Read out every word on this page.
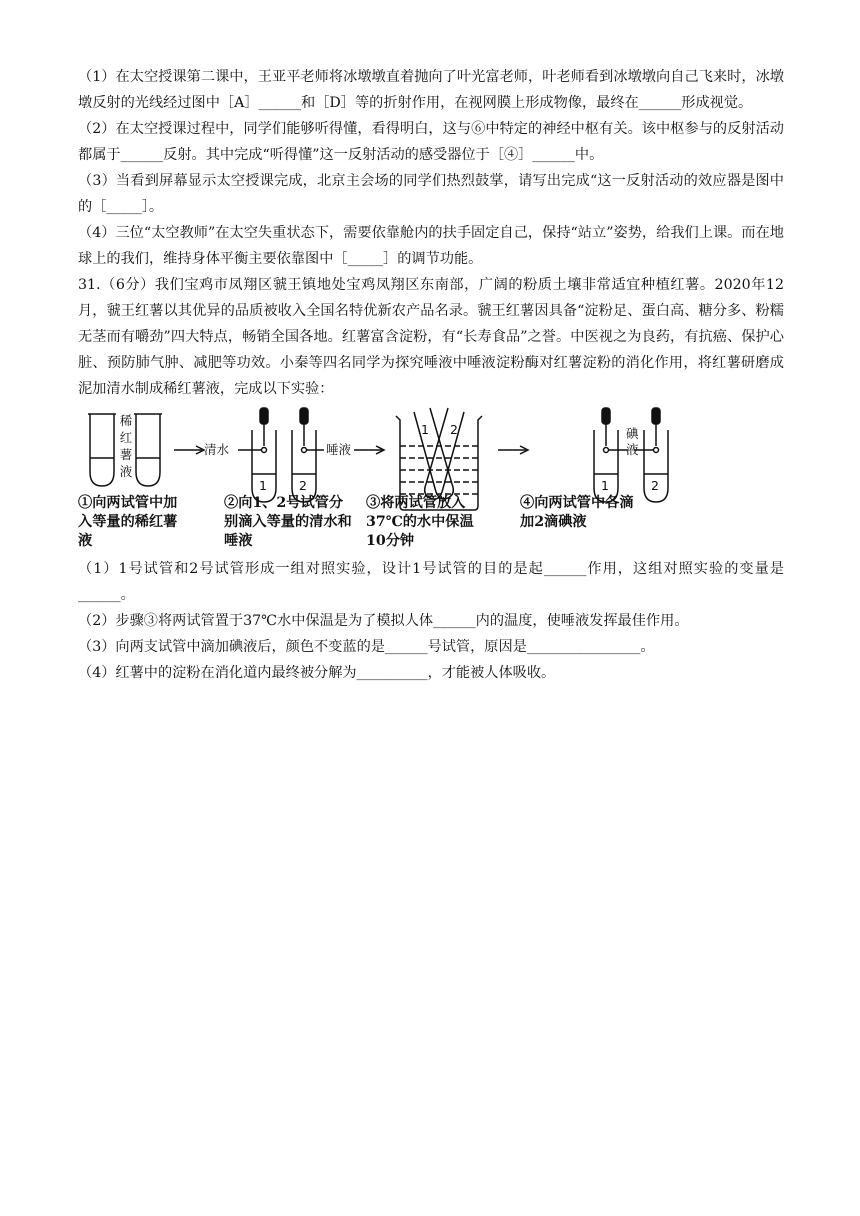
（1）在太空授课第二课中，王亚平老师将冰墩墩直着抛向了叶光富老师，叶老师看到冰墩墩向自己飞来时，冰墩墩反射的光线经过图中［A］______和［D］等的折射作用，在视网膜上形成物像，最终在______形成视觉。

（2）在太空授课过程中，同学们能够听得懂，看得明白，这与⑥中特定的神经中枢有关。该中枢参与的反射活动都属于______反射。其中完成“听得懂”这一反射活动的感受器位于［④］______中。

（3）当看到屏幕显示太空授课完成，北京主会场的同学们热烈鼓掌，请写出完成“这一反射活动的效应器是图中的［_____］。

（4）三位“太空教师”在太空失重状态下，需要依靠舱内的扶手固定自己，保持“站立”姿势，给我们上课。而在地球上的我们，维持身体平衡主要依靠图中［_____］的调节功能。

31.（6分）我们宝鸡市凤翔区虢王镇地处宝鸡凤翔区东南部，广阔的粉质土壤非常适宜种植红薯。2020年12月，虢王红薯以其优异的品质被收入全国名特优新农产品名录。虢王红薯因具备“淀粉足、蛋白高、糖分多、粉糯无茎而有嚼劲”四大特点，畅销全国各地。红薯富含淀粉，有“长寿食品”之誉。中医视之为良药，有抗癌、保护心脏、预防肺气肿、减肥等功效。小秦等四名同学为探究唾液中唾液淀粉酶对红薯淀粉的消化作用，将红薯研磨成泥加清水制成稀红薯液，完成以下实验：

稀红薯液
清水	唾液
碘液
1	2
1 2
1	2
①向两试管中加入等量的稀红薯液
②向1、2号试管分别滴入等量的清水和唾液
③将两试管放入37℃的水中保温10分钟
④向两试管中各滴加2滴碘液

（1）1号试管和2号试管形成一组对照实验，设计1号试管的目的是起______作用，这组对照实验的变量是______。

（2）步骤③将两试管置于37℃水中保温是为了模拟人体______内的温度，使唾液发挥最佳作用。

（3）向两支试管中滴加碘液后，颜色不变蓝的是______号试管，原因是________________。

（4）红薯中的淀粉在消化道内最终被分解为__________，才能被人体吸收。
